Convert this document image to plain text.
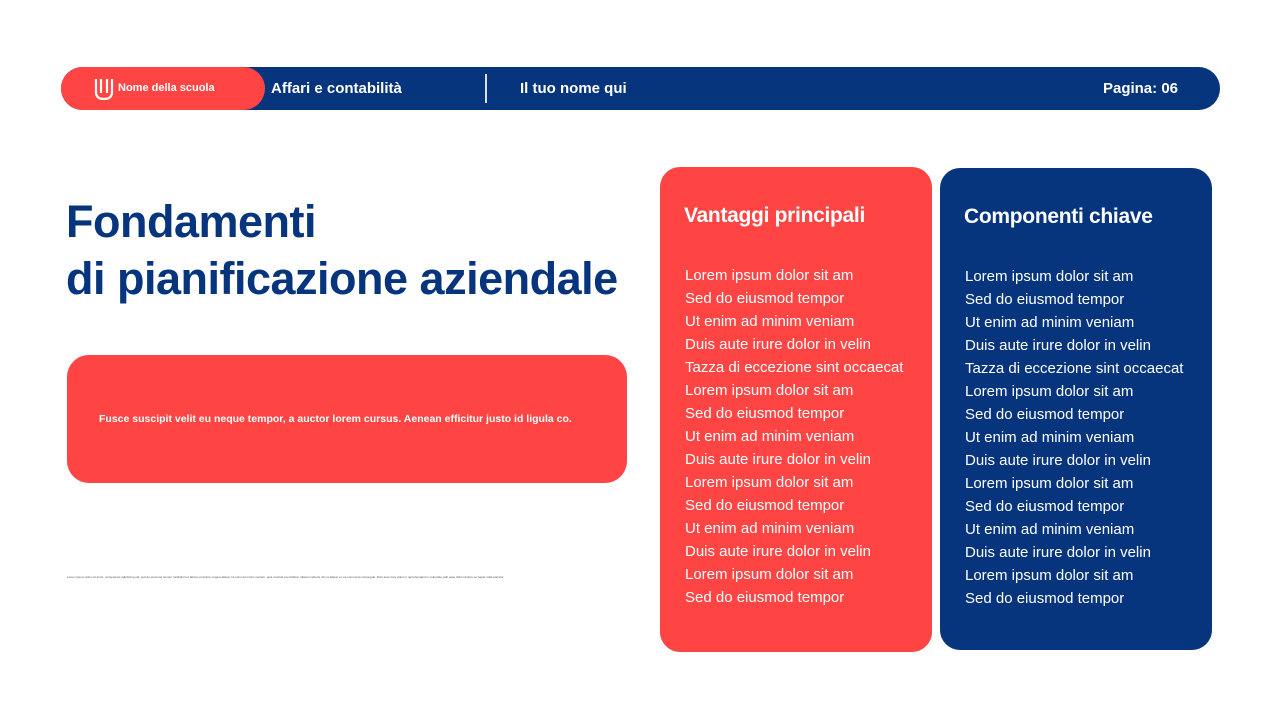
Nome della scuola	Affari e contabilità	Il tuo nome qui	Pagina: 06
Fondamenti
di pianificazione aziendale
Fusce suscipit velit eu neque tempor, a auctor lorem cursus. Aenean efficitur justo id ligula co.
Lorem ipsum dolor sit amet, consectetur adipiscing elit, sed do eiusmod tempor incididunt ut labore et dolore magna aliqua. Ut enim ad minim veniam, quis nostrud exercitation ullamco laboris nisi ut aliquip ex ea commodo consequat. Duis aute irure dolor in reprehenderit in voluptate velit esse cillum dolore eu fugiat nulla pariatur.
Vantaggi principali
Lorem ipsum dolor sit am
Sed do eiusmod tempor
Ut enim ad minim veniam
Duis aute irure dolor in velin
Tazza di eccezione sint occaecat
Lorem ipsum dolor sit am
Sed do eiusmod tempor
Ut enim ad minim veniam
Duis aute irure dolor in velin
Lorem ipsum dolor sit am
Sed do eiusmod tempor
Ut enim ad minim veniam
Duis aute irure dolor in velin
Lorem ipsum dolor sit am
Sed do eiusmod tempor
Componenti chiave
Lorem ipsum dolor sit am
Sed do eiusmod tempor
Ut enim ad minim veniam
Duis aute irure dolor in velin
Tazza di eccezione sint occaecat
Lorem ipsum dolor sit am
Sed do eiusmod tempor
Ut enim ad minim veniam
Duis aute irure dolor in velin
Lorem ipsum dolor sit am
Sed do eiusmod tempor
Ut enim ad minim veniam
Duis aute irure dolor in velin
Lorem ipsum dolor sit am
Sed do eiusmod tempor
